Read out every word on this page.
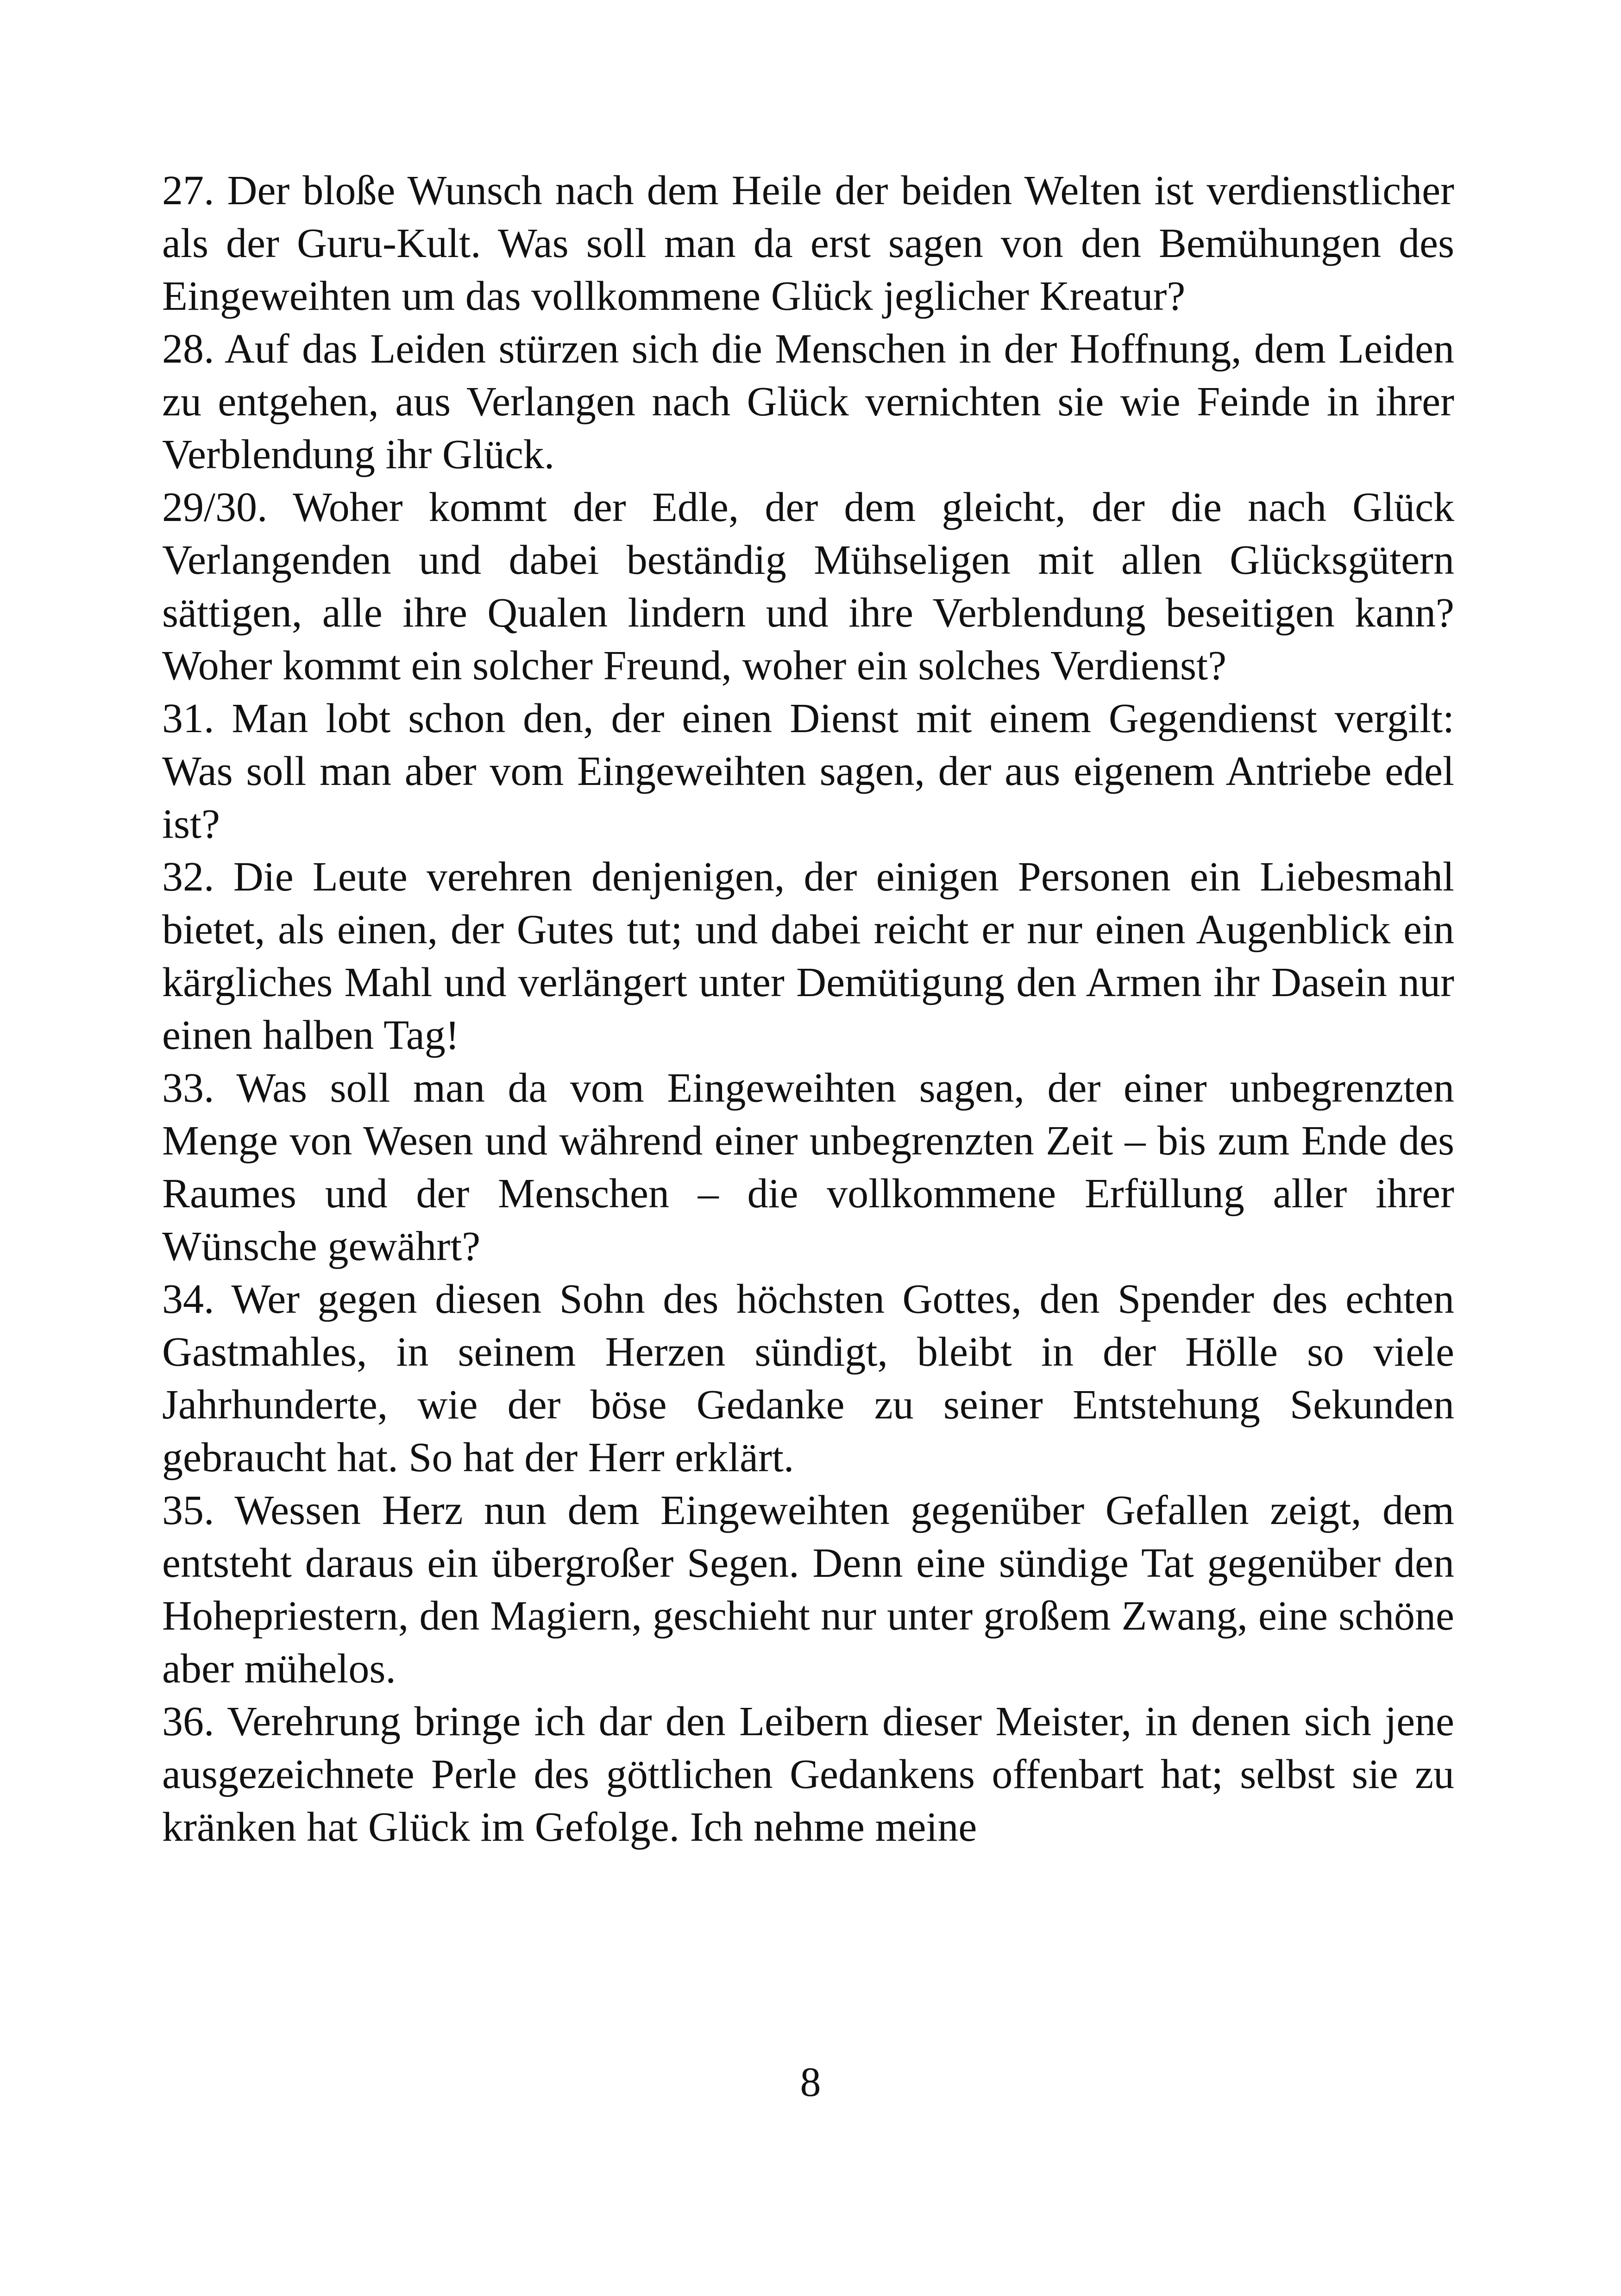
27. Der bloße Wunsch nach dem Heile der beiden Welten ist verdienstlicher als der Guru-Kult. Was soll man da erst sagen von den Bemühungen des Eingeweihten um das vollkommene Glück jeglicher Kreatur?

28. Auf das Leiden stürzen sich die Menschen in der Hoffnung, dem Leiden zu entgehen, aus Verlangen nach Glück vernichten sie wie Feinde in ihrer Verblendung ihr Glück.

29/30. Woher kommt der Edle, der dem gleicht, der die nach Glück Verlangenden und dabei beständig Mühseligen mit allen Glücksgütern sättigen, alle ihre Qualen lindern und ihre Verblendung beseitigen kann? Woher kommt ein solcher Freund, woher ein solches Verdienst?

31. Man lobt schon den, der einen Dienst mit einem Gegendienst vergilt: Was soll man aber vom Eingeweihten sagen, der aus eigenem Antriebe edel ist?

32. Die Leute verehren denjenigen, der einigen Personen ein Liebesmahl bietet, als einen, der Gutes tut; und dabei reicht er nur einen Augenblick ein kärgliches Mahl und verlängert unter Demütigung den Armen ihr Dasein nur einen halben Tag!

33. Was soll man da vom Eingeweihten sagen, der einer unbegrenzten Menge von Wesen und während einer unbegrenzten Zeit – bis zum Ende des Raumes und der Menschen – die vollkommene Erfüllung aller ihrer Wünsche gewährt?

34. Wer gegen diesen Sohn des höchsten Gottes, den Spender des echten Gastmahles, in seinem Herzen sündigt, bleibt in der Hölle so viele Jahrhunderte, wie der böse Gedanke zu seiner Entstehung Sekunden gebraucht hat. So hat der Herr erklärt.

35. Wessen Herz nun dem Eingeweihten gegenüber Gefallen zeigt, dem entsteht daraus ein übergroßer Segen. Denn eine sündige Tat gegenüber den Hohepriestern, den Magiern, geschieht nur unter großem Zwang, eine schöne aber mühelos.

36. Verehrung bringe ich dar den Leibern dieser Meister, in denen sich jene ausgezeichnete Perle des göttlichen Gedankens offenbart hat; selbst sie zu kränken hat Glück im Gefolge. Ich nehme meine

8
